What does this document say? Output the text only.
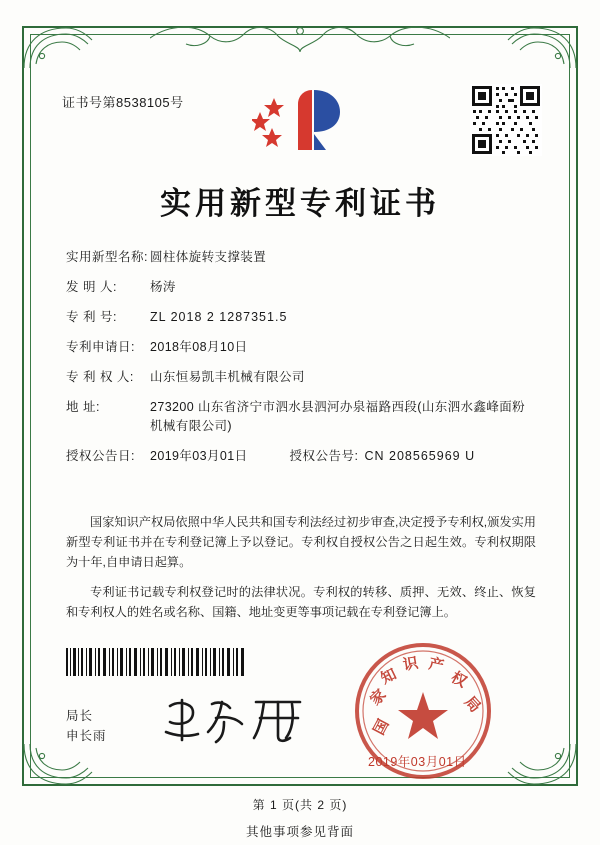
证书号第8538105号
实用新型专利证书
实用新型名称: 圆柱体旋转支撑装置
发 明 人:	杨涛
专 利 号:	ZL 2018 2 1287351.5
专利申请日:	2018年08月10日
专 利 权 人:	山东恒易凯丰机械有限公司
地 址:	273200 山东省济宁市泗水县泗河办泉福路西段(山东泗水鑫峰面粉机械有限公司)
授权公告日:	2019年03月01日	授权公告号: CN 208565969 U

国家知识产权局依照中华人民共和国专利法经过初步审查,决定授予专利权,颁发实用新型专利证书并在专利登记簿上予以登记。专利权自授权公告之日起生效。专利权期限为十年,自申请日起算。

专利证书记载专利权登记时的法律状况。专利权的转移、质押、无效、终止、恢复和专利权人的姓名或名称、国籍、地址变更等事项记载在专利登记簿上。

局长
申长雨	国
家
知
识 产
权
局
2019年03月01日
第 1 页(共 2 页)
其他事项参见背面
